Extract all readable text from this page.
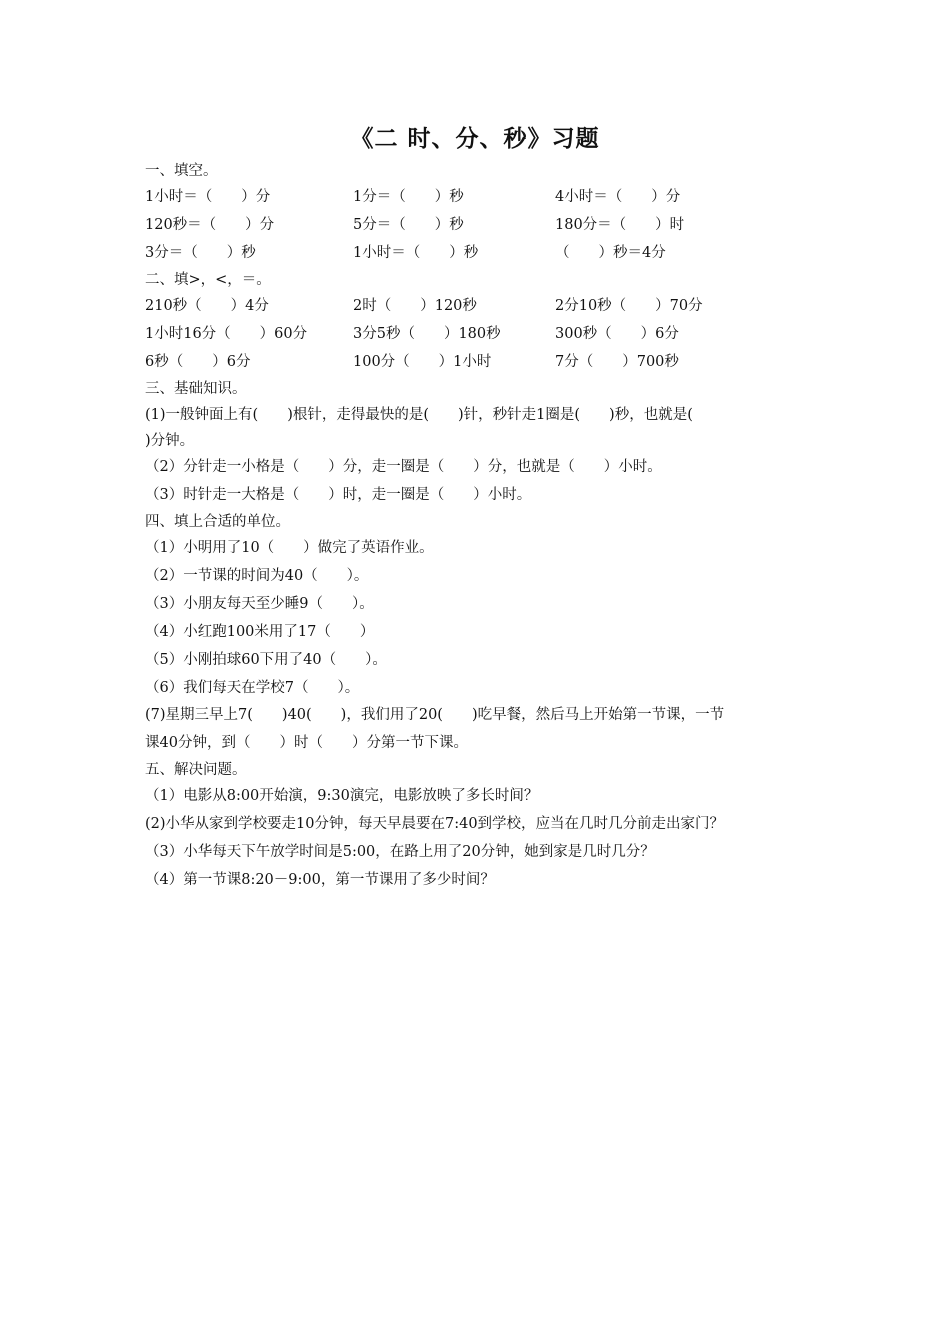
《二 时、分、秒》习题
一、填空。
1小时＝（　　）分	1分＝（　　）秒	4小时＝（　　）分
120秒＝（　　）分	5分＝（　　）秒	180分＝（　　）时
3分＝（　　）秒	1小时＝（　　）秒	（　　）秒＝4分
二、填>，<，＝。
210秒（　　）4分	2时（　　）120秒	2分10秒（　　）70分
1小时16分（　　）60分	3分5秒（　　）180秒	300秒（　　）6分
6秒（　　）6分	100分（　　）1小时	7分（　　）700秒
三、基础知识。
(1)一般钟面上有(　　)根针，走得最快的是(　　)针，秒针走1圈是(　　)秒，也就是(
)分钟。
（2）分针走一小格是（　　）分，走一圈是（　　）分，也就是（　　）小时。
（3）时针走一大格是（　　）时，走一圈是（　　）小时。
四、填上合适的单位。
（1）小明用了10（　　）做完了英语作业。
（2）一节课的时间为40（　　）。
（3）小朋友每天至少睡9（　　）。
（4）小红跑100米用了17（　　）
（5）小刚拍球60下用了40（　　）。
（6）我们每天在学校7（　　）。
(7)星期三早上7(　　)40(　　)，我们用了20(　　)吃早餐，然后马上开始第一节课，一节
课40分钟，到（　　）时（　　）分第一节下课。
五、解决问题。
（1）电影从8:00开始演，9:30演完，电影放映了多长时间？
(2)小华从家到学校要走10分钟，每天早晨要在7:40到学校，应当在几时几分前走出家门？
（3）小华每天下午放学时间是5:00，在路上用了20分钟，她到家是几时几分？
（4）第一节课8:20－9:00，第一节课用了多少时间？
